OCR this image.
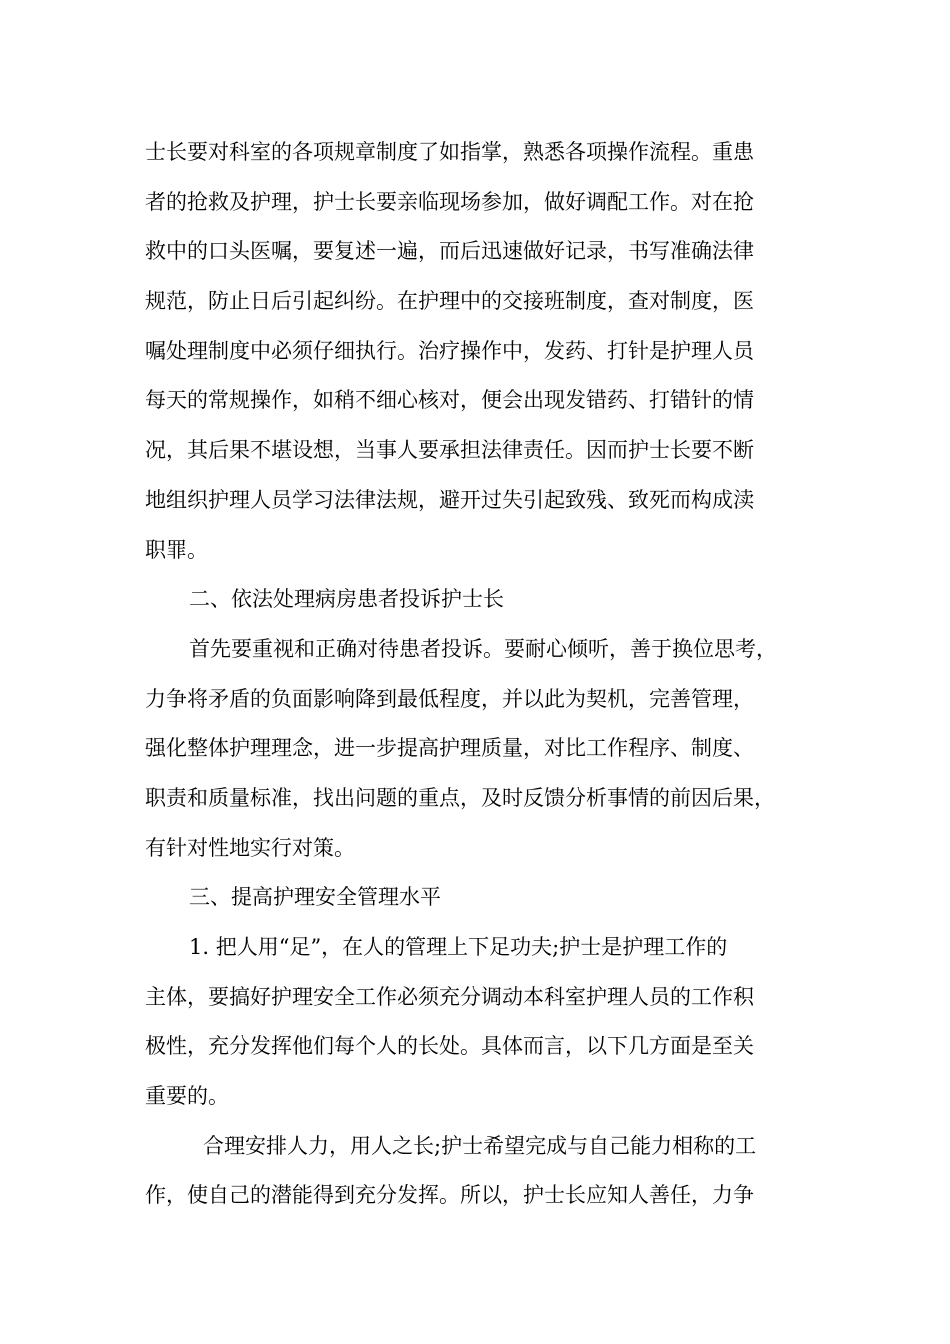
士长要对科室的各项规章制度了如指掌，熟悉各项操作流程。重患
者的抢救及护理，护士长要亲临现场参加，做好调配工作。对在抢
救中的口头医嘱，要复述一遍，而后迅速做好记录，书写准确法律
规范，防止日后引起纠纷。在护理中的交接班制度，查对制度，医
嘱处理制度中必须仔细执行。治疗操作中，发药、打针是护理人员
每天的常规操作，如稍不细心核对，便会出现发错药、打错针的情
况，其后果不堪设想，当事人要承担法律责任。因而护士长要不断
地组织护理人员学习法律法规，避开过失引起致残、致死而构成渎
职罪。
二、依法处理病房患者投诉护士长
首先要重视和正确对待患者投诉。要耐心倾听，善于换位思考，
力争将矛盾的负面影响降到最低程度，并以此为契机，完善管理，
强化整体护理理念，进一步提高护理质量，对比工作程序、制度、
职责和质量标准，找出问题的重点，及时反馈分析事情的前因后果，
有针对性地实行对策。
三、提高护理安全管理水平
1. 把人用“足”，在人的管理上下足功夫;护士是护理工作的
主体，要搞好护理安全工作必须充分调动本科室护理人员的工作积
极性，充分发挥他们每个人的长处。具体而言，以下几方面是至关
重要的。
合理安排人力，用人之长;护士希望完成与自己能力相称的工
作，使自己的潜能得到充分发挥。所以，护士长应知人善任，力争
